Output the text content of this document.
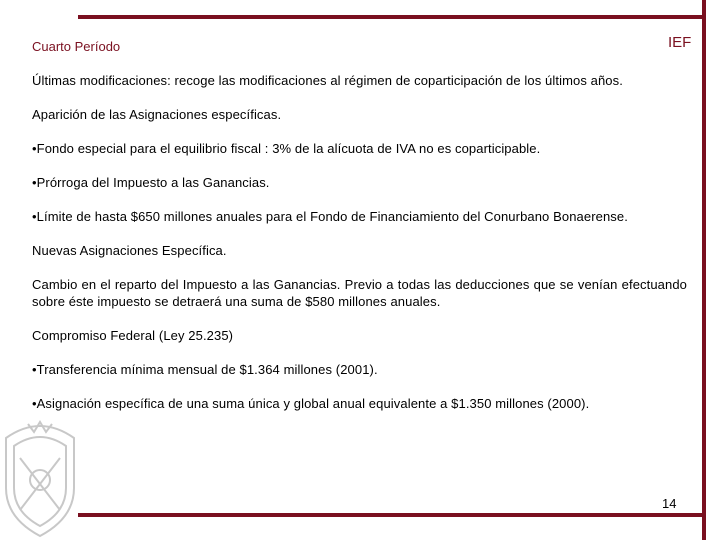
Cuarto Período	IEF

Últimas modificaciones: recoge las modificaciones al régimen de coparticipación de los últimos años.

Aparición de las Asignaciones específicas.

•Fondo especial para el equilibrio fiscal : 3% de la alícuota de IVA no es coparticipable.

•Prórroga del Impuesto a las Ganancias.

•Límite de hasta $650 millones anuales para el Fondo de Financiamiento del Conurbano Bonaerense.

Nuevas Asignaciones Específica.

Cambio en el reparto del Impuesto a las Ganancias. Previo a todas las deducciones que se venían efectuando sobre éste impuesto se detraerá una suma de $580 millones anuales.

Compromiso Federal (Ley 25.235)

•Transferencia mínima mensual de $1.364 millones (2001).

•Asignación específica de una suma única y global anual equivalente a $1.350 millones (2000).

14
